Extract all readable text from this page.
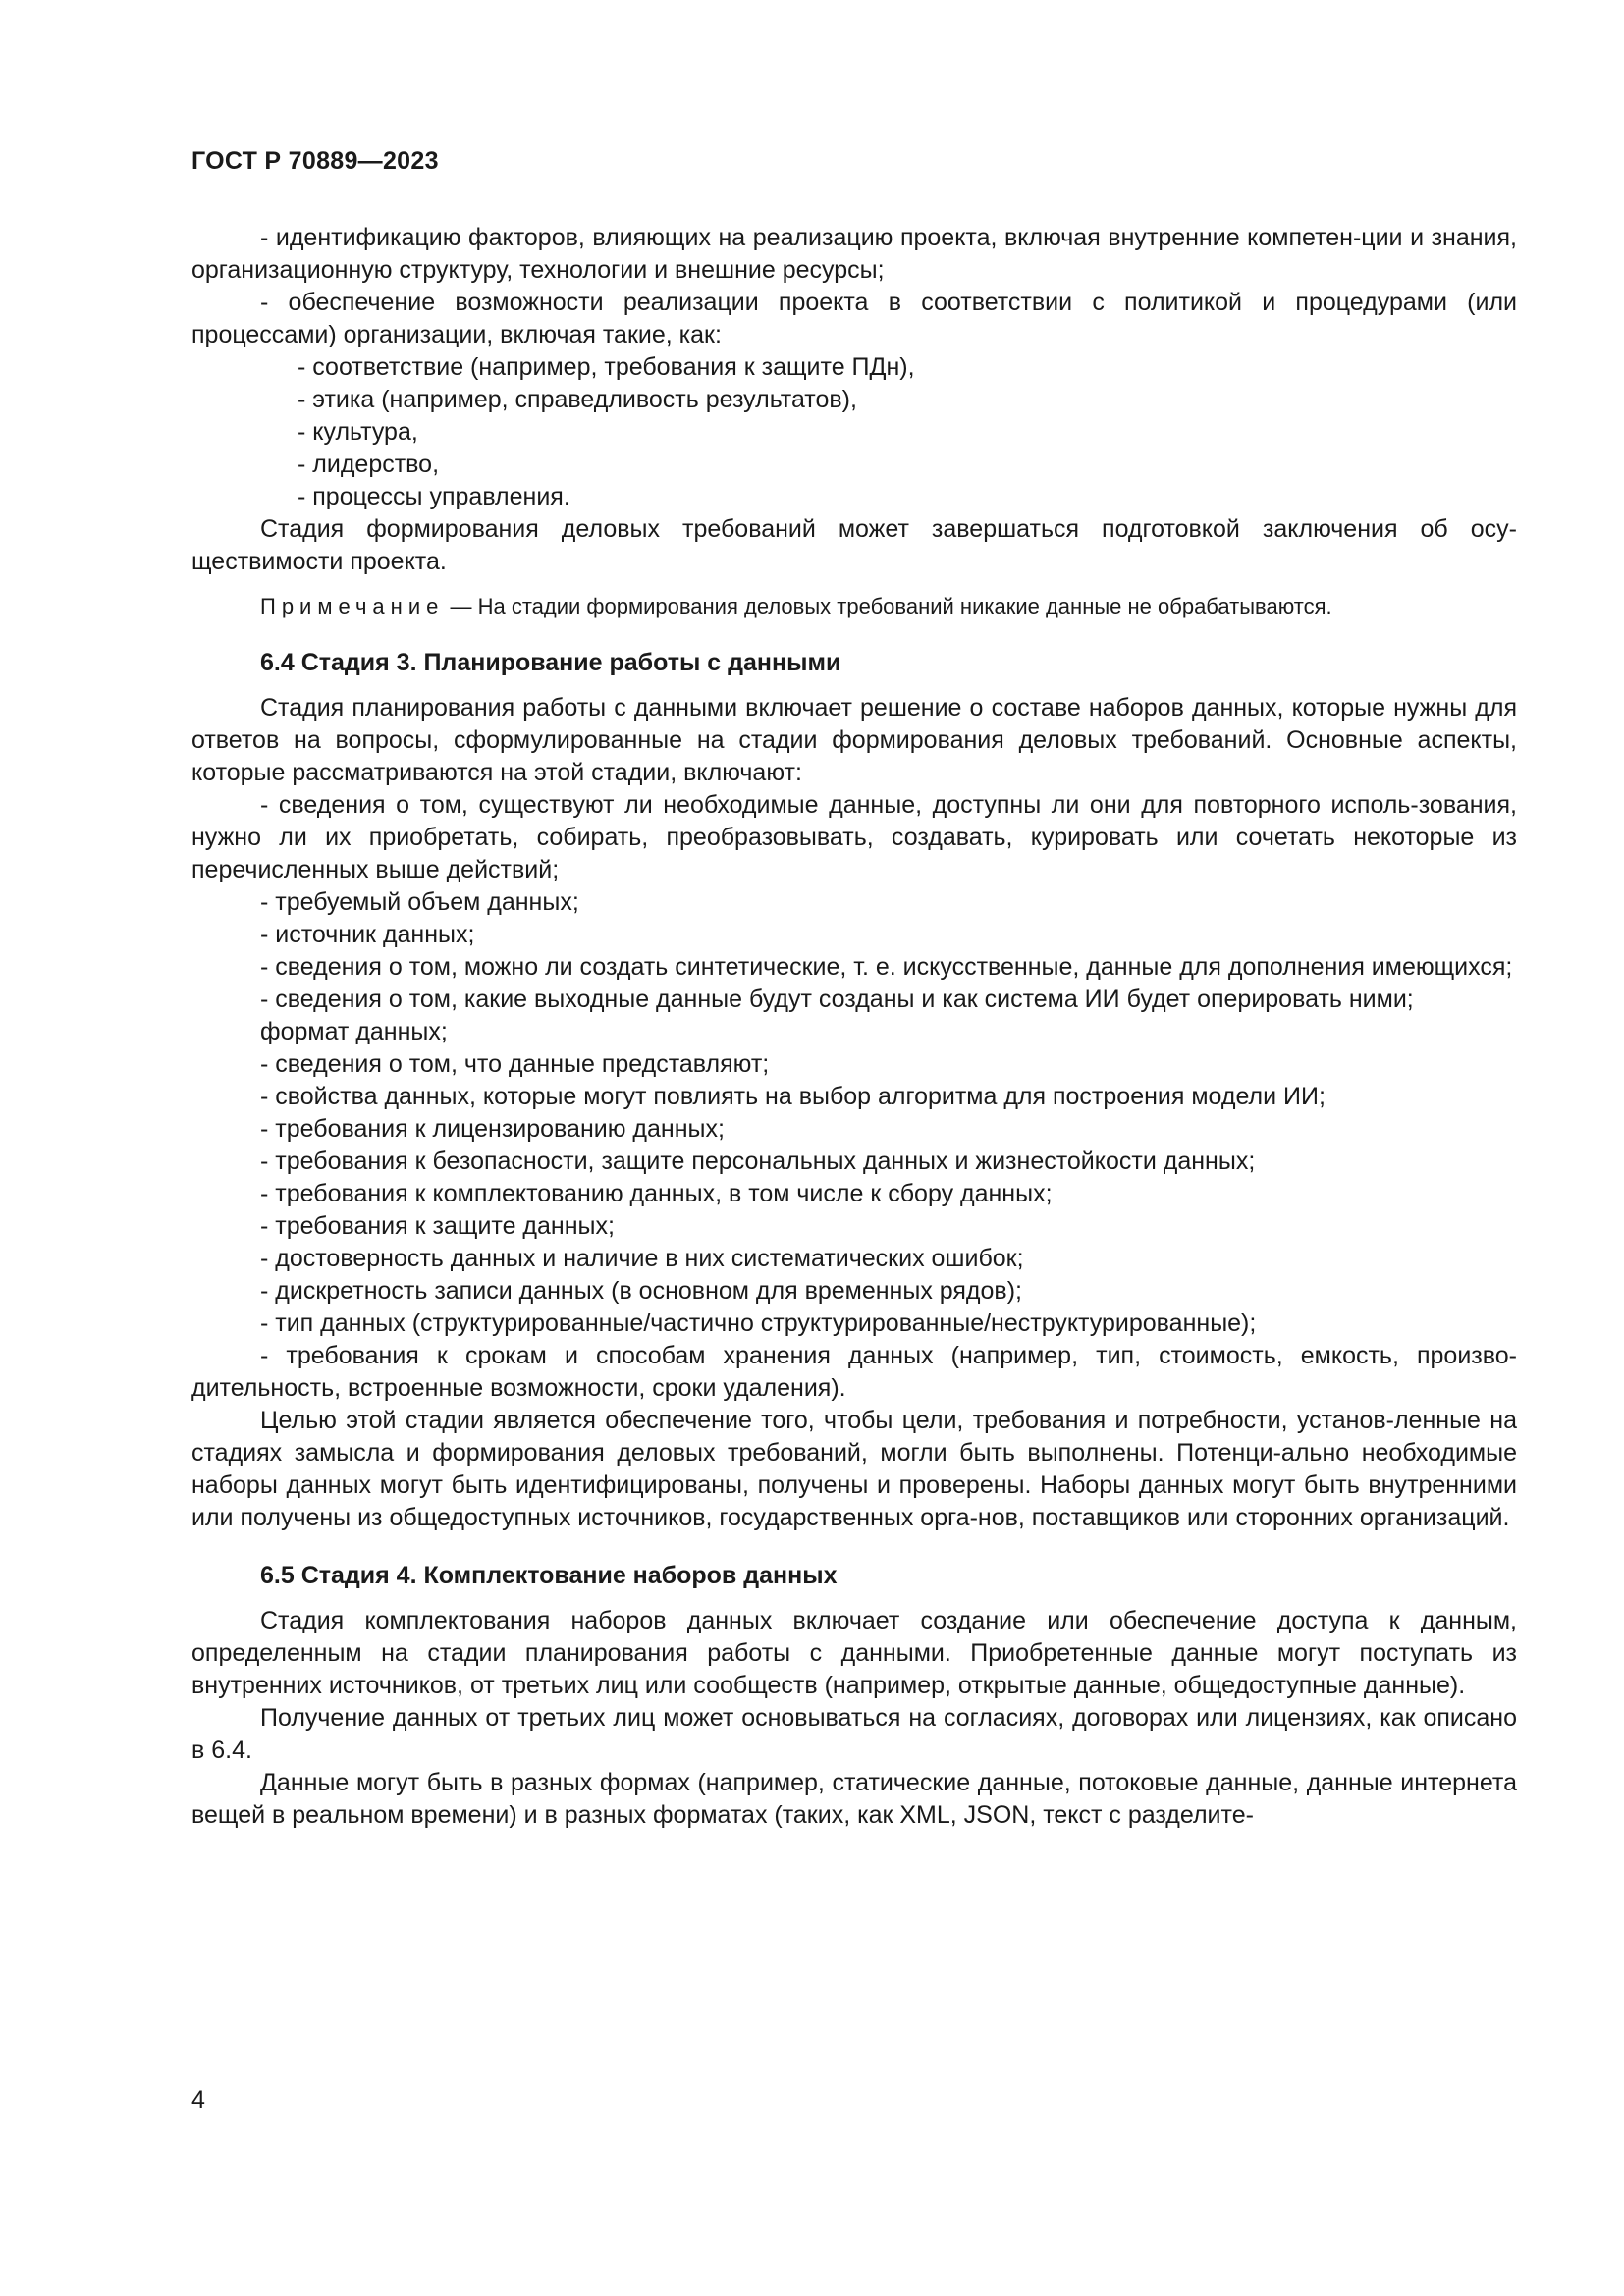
ГОСТ Р 70889—2023

- идентификацию факторов, влияющих на реализацию проекта, включая внутренние компетен-ции и знания, организационную структуру, технологии и внешние ресурсы;

- обеспечение возможности реализации проекта в соответствии с политикой и процедурами (или процессами) организации, включая такие, как:

- соответствие (например, требования к защите ПДн),

- этика (например, справедливость результатов),

- культура,

- лидерство,

- процессы управления.

Стадия формирования деловых требований может завершаться подготовкой заключения об осу-ществимости проекта.

Примечание — На стадии формирования деловых требований никакие данные не обрабатываются.

6.4 Стадия 3. Планирование работы с данными

Стадия планирования работы с данными включает решение о составе наборов данных, которые нужны для ответов на вопросы, сформулированные на стадии формирования деловых требований. Основные аспекты, которые рассматриваются на этой стадии, включают:

- сведения о том, существуют ли необходимые данные, доступны ли они для повторного исполь-зования, нужно ли их приобретать, собирать, преобразовывать, создавать, курировать или сочетать некоторые из перечисленных выше действий;

- требуемый объем данных;

- источник данных;

- сведения о том, можно ли создать синтетические, т. е. искусственные, данные для дополнения имеющихся;

- сведения о том, какие выходные данные будут созданы и как система ИИ будет оперировать ними;

формат данных;

- сведения о том, что данные представляют;

- свойства данных, которые могут повлиять на выбор алгоритма для построения модели ИИ;

- требования к лицензированию данных;

- требования к безопасности, защите персональных данных и жизнестойкости данных;

- требования к комплектованию данных, в том числе к сбору данных;

- требования к защите данных;

- достоверность данных и наличие в них систематических ошибок;

- дискретность записи данных (в основном для временных рядов);

- тип данных (структурированные/частично структурированные/неструктурированные);

- требования к срокам и способам хранения данных (например, тип, стоимость, емкость, произво-дительность, встроенные возможности, сроки удаления).

Целью этой стадии является обеспечение того, чтобы цели, требования и потребности, установ-ленные на стадиях замысла и формирования деловых требований, могли быть выполнены. Потенци-ально необходимые наборы данных могут быть идентифицированы, получены и проверены. Наборы данных могут быть внутренними или получены из общедоступных источников, государственных орга-нов, поставщиков или сторонних организаций.

6.5 Стадия 4. Комплектование наборов данных

Стадия комплектования наборов данных включает создание или обеспечение доступа к данным, определенным на стадии планирования работы с данными. Приобретенные данные могут поступать из внутренних источников, от третьих лиц или сообществ (например, открытые данные, общедоступные данные).

Получение данных от третьих лиц может основываться на согласиях, договорах или лицензиях, как описано в 6.4.

Данные могут быть в разных формах (например, статические данные, потоковые данные, данные интернета вещей в реальном времени) и в разных форматах (таких, как XML, JSON, текст с разделите-

4
